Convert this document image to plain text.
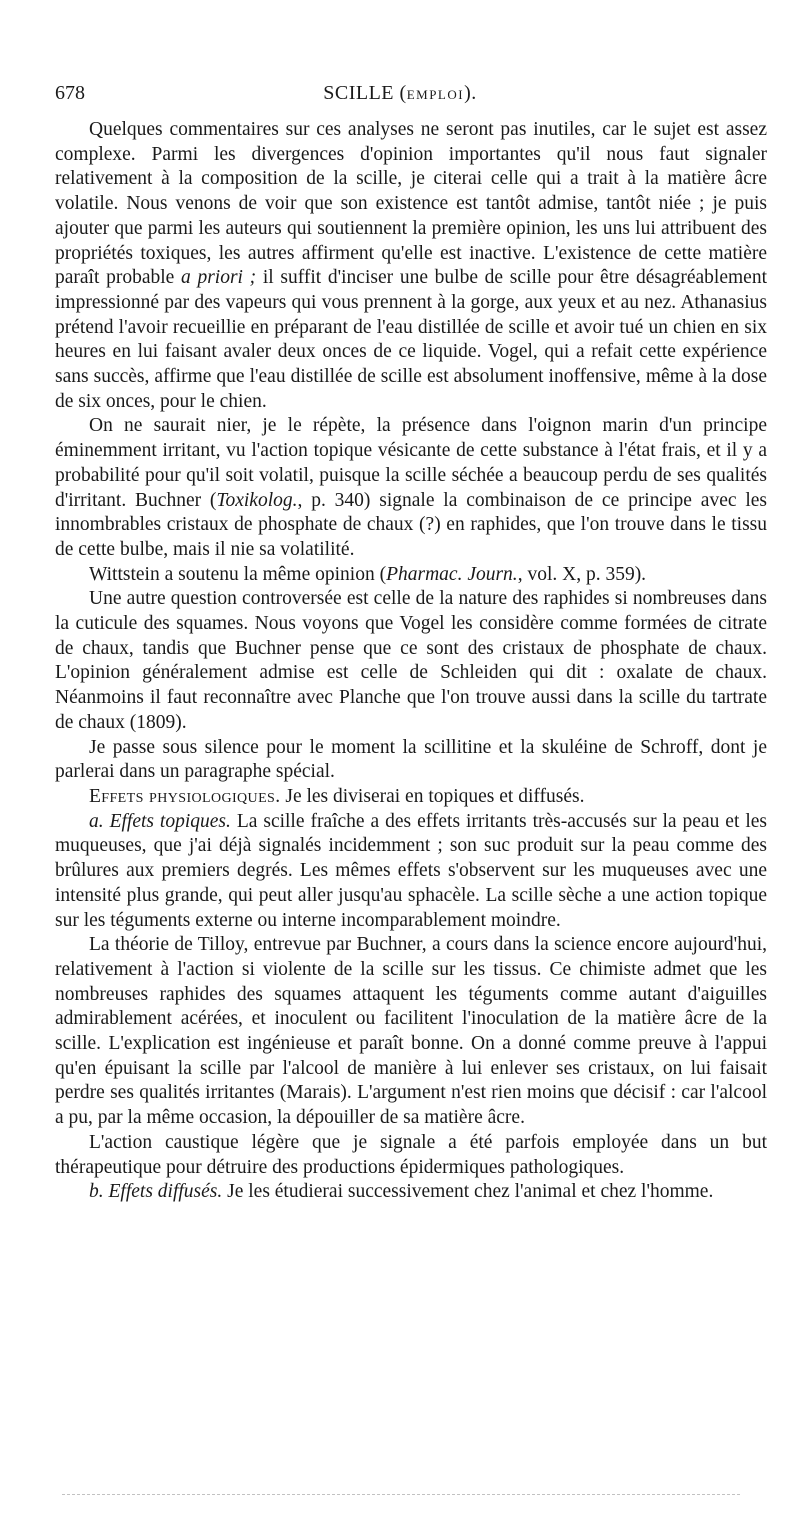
678	SCILLE (EMPLOI).

Quelques commentaires sur ces analyses ne seront pas inutiles, car le sujet est assez complexe. Parmi les divergences d'opinion importantes qu'il nous faut signaler relativement à la composition de la scille, je citerai celle qui a trait à la matière âcre volatile. Nous venons de voir que son existence est tantôt admise, tantôt niée ; je puis ajouter que parmi les auteurs qui soutiennent la première opinion, les uns lui attribuent des propriétés toxiques, les autres affirment qu'elle est inactive. L'existence de cette matière paraît probable a priori ; il suffit d'inciser une bulbe de scille pour être désagréablement impressionné par des vapeurs qui vous prennent à la gorge, aux yeux et au nez. Athanasius prétend l'avoir recueillie en préparant de l'eau distillée de scille et avoir tué un chien en six heures en lui faisant avaler deux onces de ce liquide. Vogel, qui a refait cette expérience sans succès, affirme que l'eau distillée de scille est absolument inoffensive, même à la dose de six onces, pour le chien.

On ne saurait nier, je le répète, la présence dans l'oignon marin d'un principe éminemment irritant, vu l'action topique vésicante de cette substance à l'état frais, et il y a probabilité pour qu'il soit volatil, puisque la scille séchée a beaucoup perdu de ses qualités d'irritant. Buchner (Toxikolog., p. 340) signale la combinaison de ce principe avec les innombrables cristaux de phosphate de chaux (?) en raphides, que l'on trouve dans le tissu de cette bulbe, mais il nie sa volatilité.

Wittstein a soutenu la même opinion (Pharmac. Journ., vol. X, p. 359).

Une autre question controversée est celle de la nature des raphides si nombreuses dans la cuticule des squames. Nous voyons que Vogel les considère comme formées de citrate de chaux, tandis que Buchner pense que ce sont des cristaux de phosphate de chaux. L'opinion généralement admise est celle de Schleiden qui dit : oxalate de chaux. Néanmoins il faut reconnaître avec Planche que l'on trouve aussi dans la scille du tartrate de chaux (1809).

Je passe sous silence pour le moment la scillitine et la skuléine de Schroff, dont je parlerai dans un paragraphe spécial.

Effets physiologiques. Je les diviserai en topiques et diffusés.

a. Effets topiques. La scille fraîche a des effets irritants très-accusés sur la peau et les muqueuses, que j'ai déjà signalés incidemment ; son suc produit sur la peau comme des brûlures aux premiers degrés. Les mêmes effets s'observent sur les muqueuses avec une intensité plus grande, qui peut aller jusqu'au sphacèle. La scille sèche a une action topique sur les téguments externe ou interne incomparablement moindre.

La théorie de Tilloy, entrevue par Buchner, a cours dans la science encore aujourd'hui, relativement à l'action si violente de la scille sur les tissus. Ce chimiste admet que les nombreuses raphides des squames attaquent les téguments comme autant d'aiguilles admirablement acérées, et inoculent ou facilitent l'inoculation de la matière âcre de la scille. L'explication est ingénieuse et paraît bonne. On a donné comme preuve à l'appui qu'en épuisant la scille par l'alcool de manière à lui enlever ses cristaux, on lui faisait perdre ses qualités irritantes (Marais). L'argument n'est rien moins que décisif : car l'alcool a pu, par la même occasion, la dépouiller de sa matière âcre.

L'action caustique légère que je signale a été parfois employée dans un but thérapeutique pour détruire des productions épidermiques pathologiques.

b. Effets diffusés. Je les étudierai successivement chez l'animal et chez l'homme.
